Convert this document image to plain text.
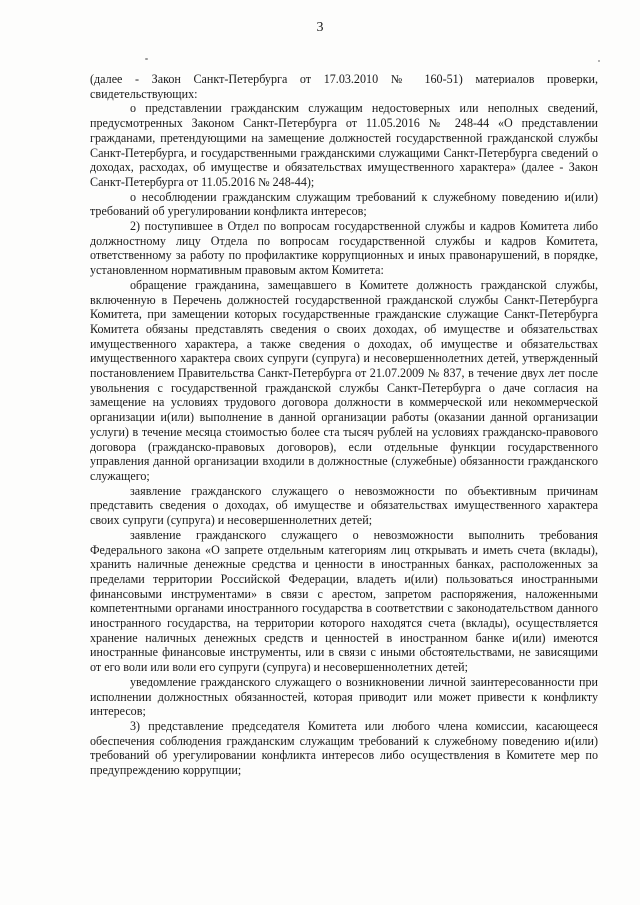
3

(далее - Закон Санкт-Петербурга от 17.03.2010 № 160-51) материалов проверки, свидетельствующих:

о представлении гражданским служащим недостоверных или неполных сведений, предусмотренных Законом Санкт-Петербурга от 11.05.2016 № 248-44 «О представлении гражданами, претендующими на замещение должностей государственной гражданской службы Санкт-Петербурга, и государственными гражданскими служащими Санкт-Петербурга сведений о доходах, расходах, об имуществе и обязательствах имущественного характера» (далее - Закон Санкт-Петербурга от 11.05.2016 № 248-44);

о несоблюдении гражданским служащим требований к служебному поведению и(или) требований об урегулировании конфликта интересов;

2) поступившее в Отдел по вопросам государственной службы и кадров Комитета либо должностному лицу Отдела по вопросам государственной службы и кадров Комитета, ответственному за работу по профилактике коррупционных и иных правонарушений, в порядке, установленном нормативным правовым актом Комитета:

обращение гражданина, замещавшего в Комитете должность гражданской службы, включенную в Перечень должностей государственной гражданской службы Санкт-Петербурга Комитета, при замещении которых государственные гражданские служащие Санкт-Петербурга Комитета обязаны представлять сведения о своих доходах, об имуществе и обязательствах имущественного характера, а также сведения о доходах, об имуществе и обязательствах имущественного характера своих супруги (супруга) и несовершеннолетних детей, утвержденный постановлением Правительства Санкт-Петербурга от 21.07.2009 № 837, в течение двух лет после увольнения с государственной гражданской службы Санкт-Петербурга о даче согласия на замещение на условиях трудового договора должности в коммерческой или некоммерческой организации и(или) выполнение в данной организации работы (оказании данной организации услуги) в течение месяца стоимостью более ста тысяч рублей на условиях гражданско-правового договора (гражданско-правовых договоров), если отдельные функции государственного управления данной организации входили в должностные (служебные) обязанности гражданского служащего;

заявление гражданского служащего о невозможности по объективным причинам представить сведения о доходах, об имуществе и обязательствах имущественного характера своих супруги (супруга) и несовершеннолетних детей;

заявление гражданского служащего о невозможности выполнить требования Федерального закона «О запрете отдельным категориям лиц открывать и иметь счета (вклады), хранить наличные денежные средства и ценности в иностранных банках, расположенных за пределами территории Российской Федерации, владеть и(или) пользоваться иностранными финансовыми инструментами» в связи с арестом, запретом распоряжения, наложенными компетентными органами иностранного государства в соответствии с законодательством данного иностранного государства, на территории которого находятся счета (вклады), осуществляется хранение наличных денежных средств и ценностей в иностранном банке и(или) имеются иностранные финансовые инструменты, или в связи с иными обстоятельствами, не зависящими от его воли или воли его супруги (супруга) и несовершеннолетних детей;

уведомление гражданского служащего о возникновении личной заинтересованности при исполнении должностных обязанностей, которая приводит или может привести к конфликту интересов;

3) представление председателя Комитета или любого члена комиссии, касающееся обеспечения соблюдения гражданским служащим требований к служебному поведению и(или) требований об урегулировании конфликта интересов либо осуществления в Комитете мер по предупреждению коррупции;
